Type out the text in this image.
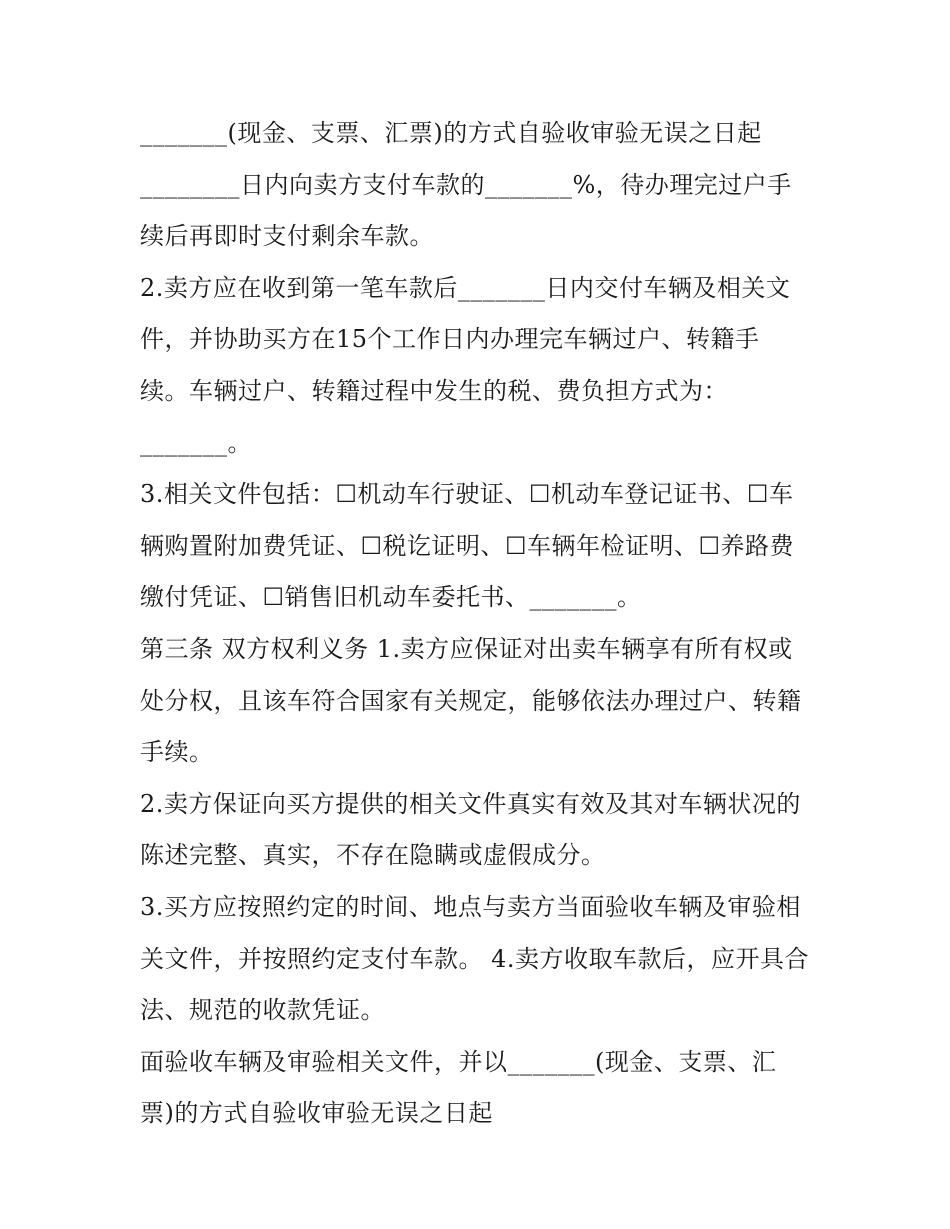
_______(现金、支票、汇票)的方式自验收审验无误之日起
________日内向卖方支付车款的_______%，待办理完过户手
续后再即时支付剩余车款。
2.卖方应在收到第一笔车款后_______日内交付车辆及相关文
件，并协助买方在15个工作日内办理完车辆过户、转籍手
续。车辆过户、转籍过程中发生的税、费负担方式为：
_______。
3.相关文件包括：☐机动车行驶证、☐机动车登记证书、☐车
辆购置附加费凭证、☐税讫证明、☐车辆年检证明、☐养路费
缴付凭证、☐销售旧机动车委托书、_______。
第三条 双方权利义务 1.卖方应保证对出卖车辆享有所有权或
处分权，且该车符合国家有关规定，能够依法办理过户、转籍
手续。
2.卖方保证向买方提供的相关文件真实有效及其对车辆状况的
陈述完整、真实，不存在隐瞒或虚假成分。
3.买方应按照约定的时间、地点与卖方当面验收车辆及审验相
关文件，并按照约定支付车款。 4.卖方收取车款后，应开具合
法、规范的收款凭证。
面验收车辆及审验相关文件，并以_______(现金、支票、汇
票)的方式自验收审验无误之日起
